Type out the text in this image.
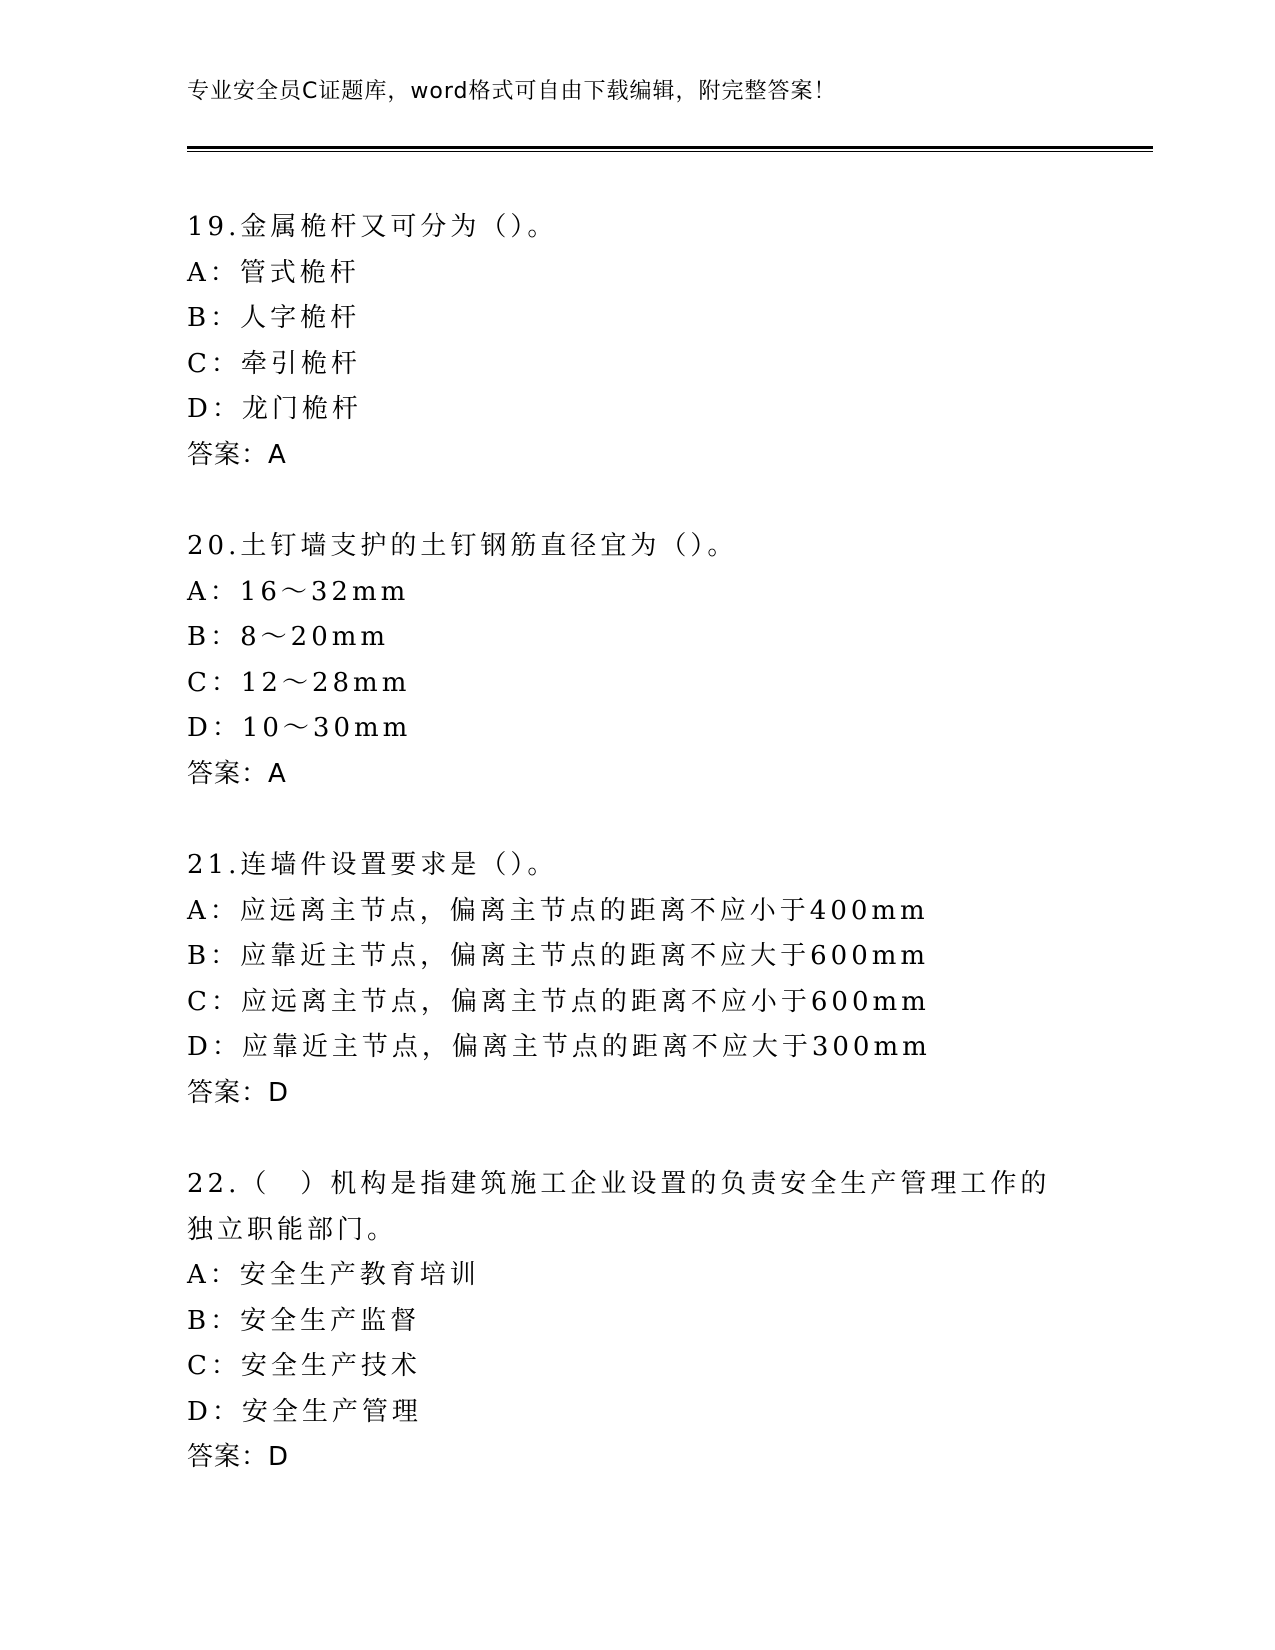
专业安全员C证题库，word格式可自由下载编辑，附完整答案！
19.金属桅杆又可分为（）。
A：管式桅杆
B：人字桅杆
C：牵引桅杆
D：龙门桅杆
答案：A
20.土钉墙支护的土钉钢筋直径宜为（）。
A：16～32mm
B：8～20mm
C：12～28mm
D：10～30mm
答案：A
21.连墙件设置要求是（）。
A：应远离主节点，偏离主节点的距离不应小于400mm
B：应靠近主节点，偏离主节点的距离不应大于600mm
C：应远离主节点，偏离主节点的距离不应小于600mm
D：应靠近主节点，偏离主节点的距离不应大于300mm
答案：D
22.（　）机构是指建筑施工企业设置的负责安全生产管理工作的独立职能部门。
A：安全生产教育培训
B：安全生产监督
C：安全生产技术
D：安全生产管理
答案：D
